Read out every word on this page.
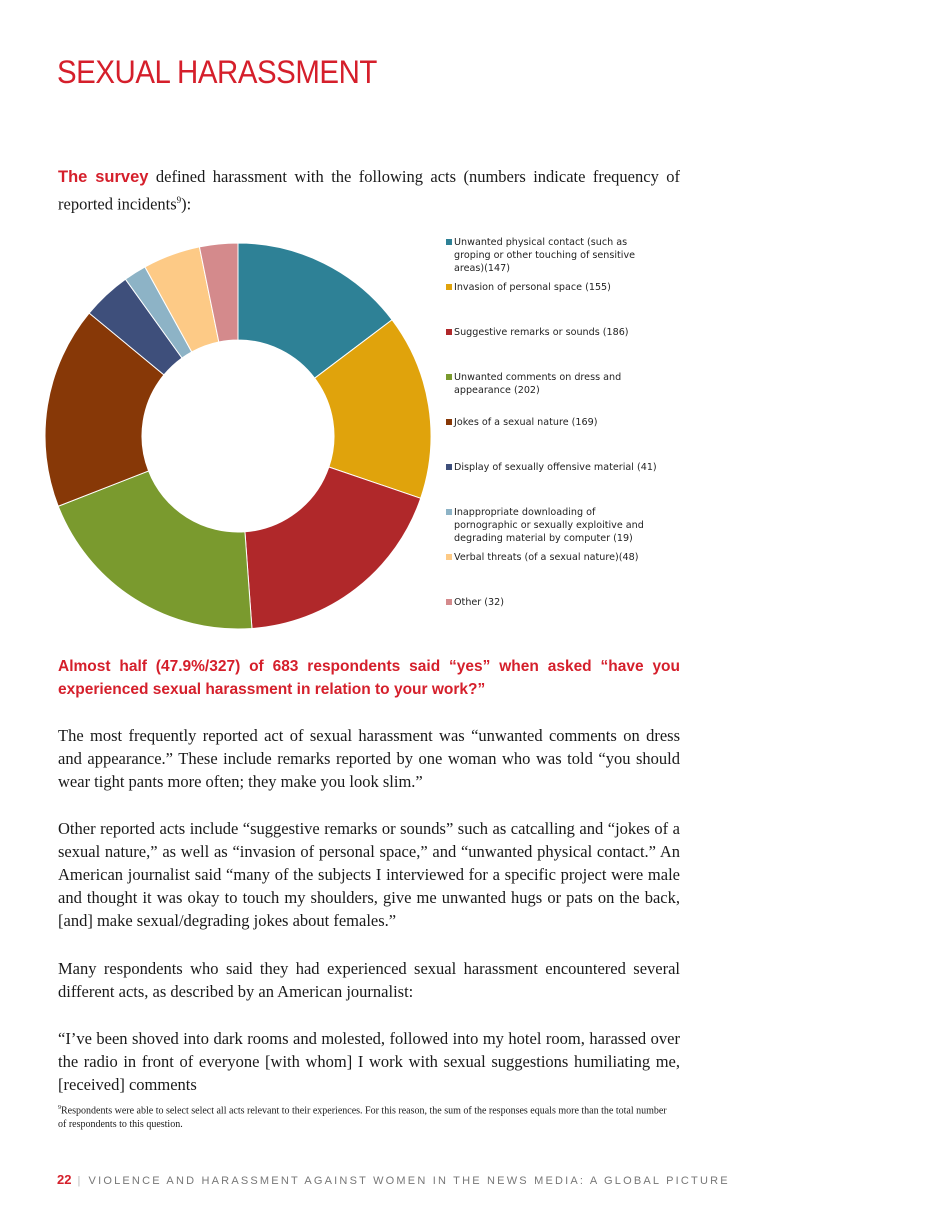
SEXUAL HARASSMENT

The survey defined harassment with the following acts (numbers indicate frequency of reported incidents$^9$):

Unwanted physical contact (such as groping or other touching of sensitive areas)(147)
Invasion of personal space (155)
Suggestive remarks or sounds (186)
Unwanted comments on dress and appearance (202)
Jokes of a sexual nature (169)
Display of sexually offensive material (41)
Inappropriate downloading of pornographic or sexually exploitive and degrading material by computer (19)
Verbal threats (of a sexual nature)(48)
Other (32)
Almost half (47.9%/327) of 683 respondents said “yes” when asked “have you experienced sexual harassment in relation to your work?”

The most frequently reported act of sexual harassment was “unwanted comments on dress and appearance.” These include remarks reported by one woman who was told “you should wear tight pants more often; they make you look slim.”

Other reported acts include “suggestive remarks or sounds” such as catcalling and “jokes of a sexual nature,” as well as “invasion of personal space,” and “unwanted physical contact.” An American journalist said “many of the subjects I interviewed for a specific project were male and thought it was okay to touch my shoulders, give me unwanted hugs or pats on the back, [and] make sexual/degrading jokes about females.”

Many respondents who said they had experienced sexual harassment encountered several different acts, as described by an American journalist:

“I’ve been shoved into dark rooms and molested, followed into my hotel room, harassed over the radio in front of everyone [with whom] I work with sexual suggestions humiliating me, [received] comments

$^9$Respondents were able to select select all acts relevant to their experiences. For this reason, the sum of the responses equals more than the total number of respondents to this question.
22 | VIOLENCE AND HARASSMENT AGAINST WOMEN IN THE NEWS MEDIA: A GLOBAL PICTURE
